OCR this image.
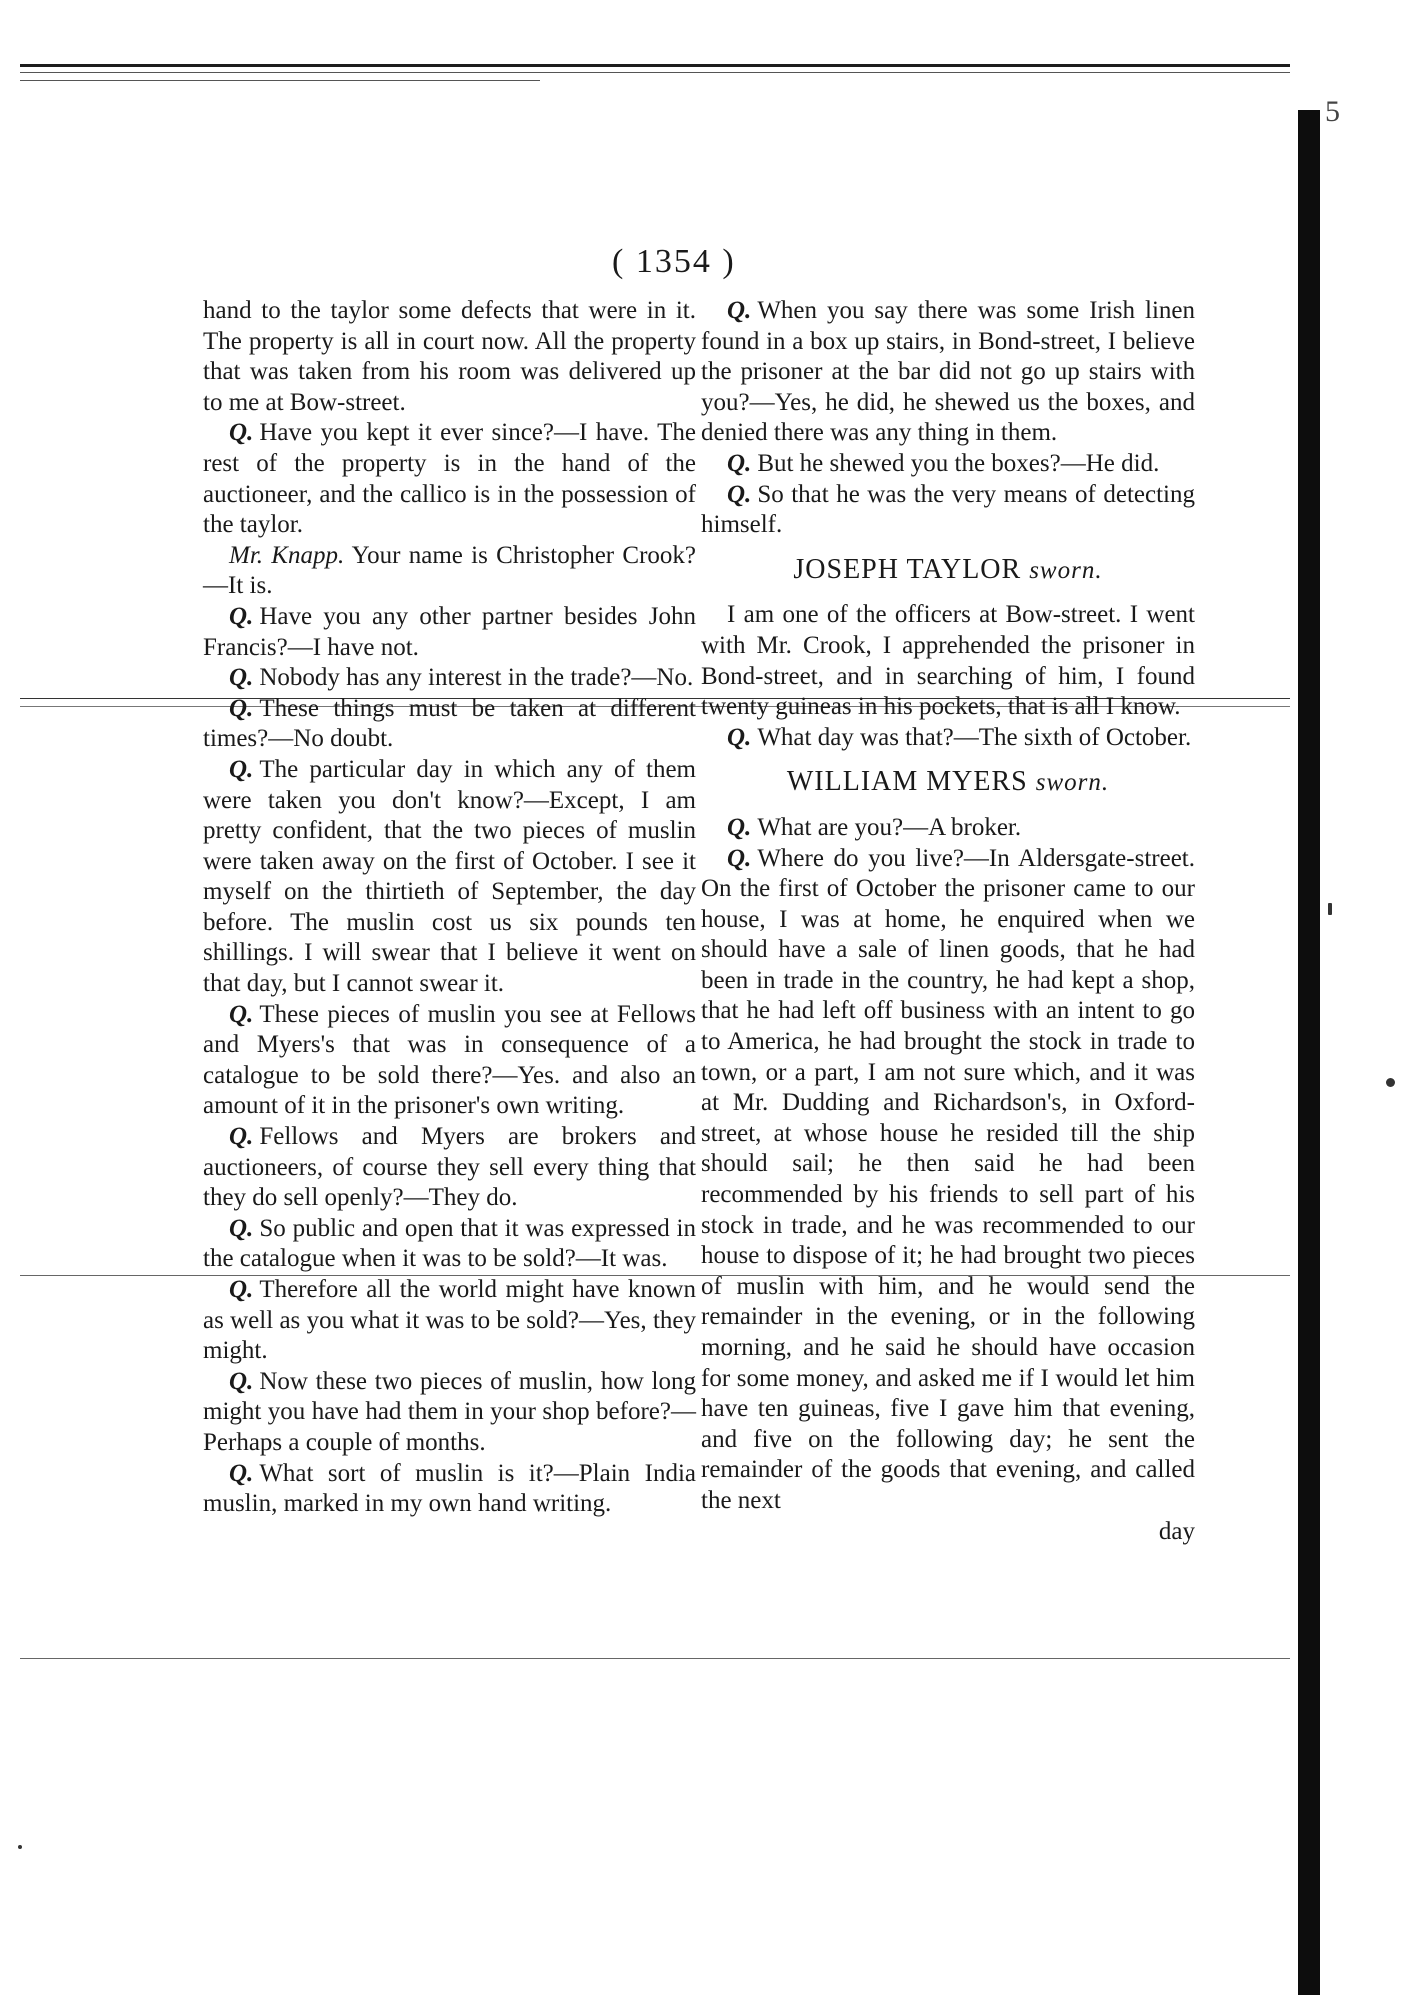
5
( 1354 )

hand to the taylor some defects that were in it. The property is all in court now. All the property that was taken from his room was delivered up to me at Bow-street.

Q. Have you kept it ever since?—I have. The rest of the property is in the hand of the auctioneer, and the callico is in the possession of the taylor.

Mr. Knapp. Your name is Christopher Crook?—It is.

Q. Have you any other partner besides John Francis?—I have not.

Q. Nobody has any interest in the trade?—No.

Q. These things must be taken at different times?—No doubt.

Q. The particular day in which any of them were taken you don't know?—Except, I am pretty confident, that the two pieces of muslin were taken away on the first of October. I see it myself on the thirtieth of September, the day before. The muslin cost us six pounds ten shillings. I will swear that I believe it went on that day, but I cannot swear it.

Q. These pieces of muslin you see at Fellows and Myers's that was in consequence of a catalogue to be sold there?—Yes. and also an amount of it in the prisoner's own writing.

Q. Fellows and Myers are brokers and auctioneers, of course they sell every thing that they do sell openly?—They do.

Q. So public and open that it was expressed in the catalogue when it was to be sold?—It was.

Q. Therefore all the world might have known as well as you what it was to be sold?—Yes, they might.

Q. Now these two pieces of muslin, how long might you have had them in your shop before?—Perhaps a couple of months.

Q. What sort of muslin is it?—Plain India muslin, marked in my own hand writing.

Q. When you say there was some Irish linen found in a box up stairs, in Bond-street, I believe the prisoner at the bar did not go up stairs with you?—Yes, he did, he shewed us the boxes, and denied there was any thing in them.

Q. But he shewed you the boxes?—He did.

Q. So that he was the very means of detecting himself.

JOSEPH TAYLOR sworn.

I am one of the officers at Bow-street. I went with Mr. Crook, I apprehended the prisoner in Bond-street, and in searching of him, I found twenty guineas in his pockets, that is all I know.

Q. What day was that?—The sixth of October.

WILLIAM MYERS sworn.

Q. What are you?—A broker.

Q. Where do you live?—In Aldersgate-street. On the first of October the prisoner came to our house, I was at home, he enquired when we should have a sale of linen goods, that he had been in trade in the country, he had kept a shop, that he had left off business with an intent to go to America, he had brought the stock in trade to town, or a part, I am not sure which, and it was at Mr. Dudding and Richardson's, in Oxford-street, at whose house he resided till the ship should sail; he then said he had been recommended by his friends to sell part of his stock in trade, and he was recommended to our house to dispose of it; he had brought two pieces of muslin with him, and he would send the remainder in the evening, or in the following morning, and he said he should have occasion for some money, and asked me if I would let him have ten guineas, five I gave him that evening, and five on the following day; he sent the remainder of the goods that evening, and called the next

day
